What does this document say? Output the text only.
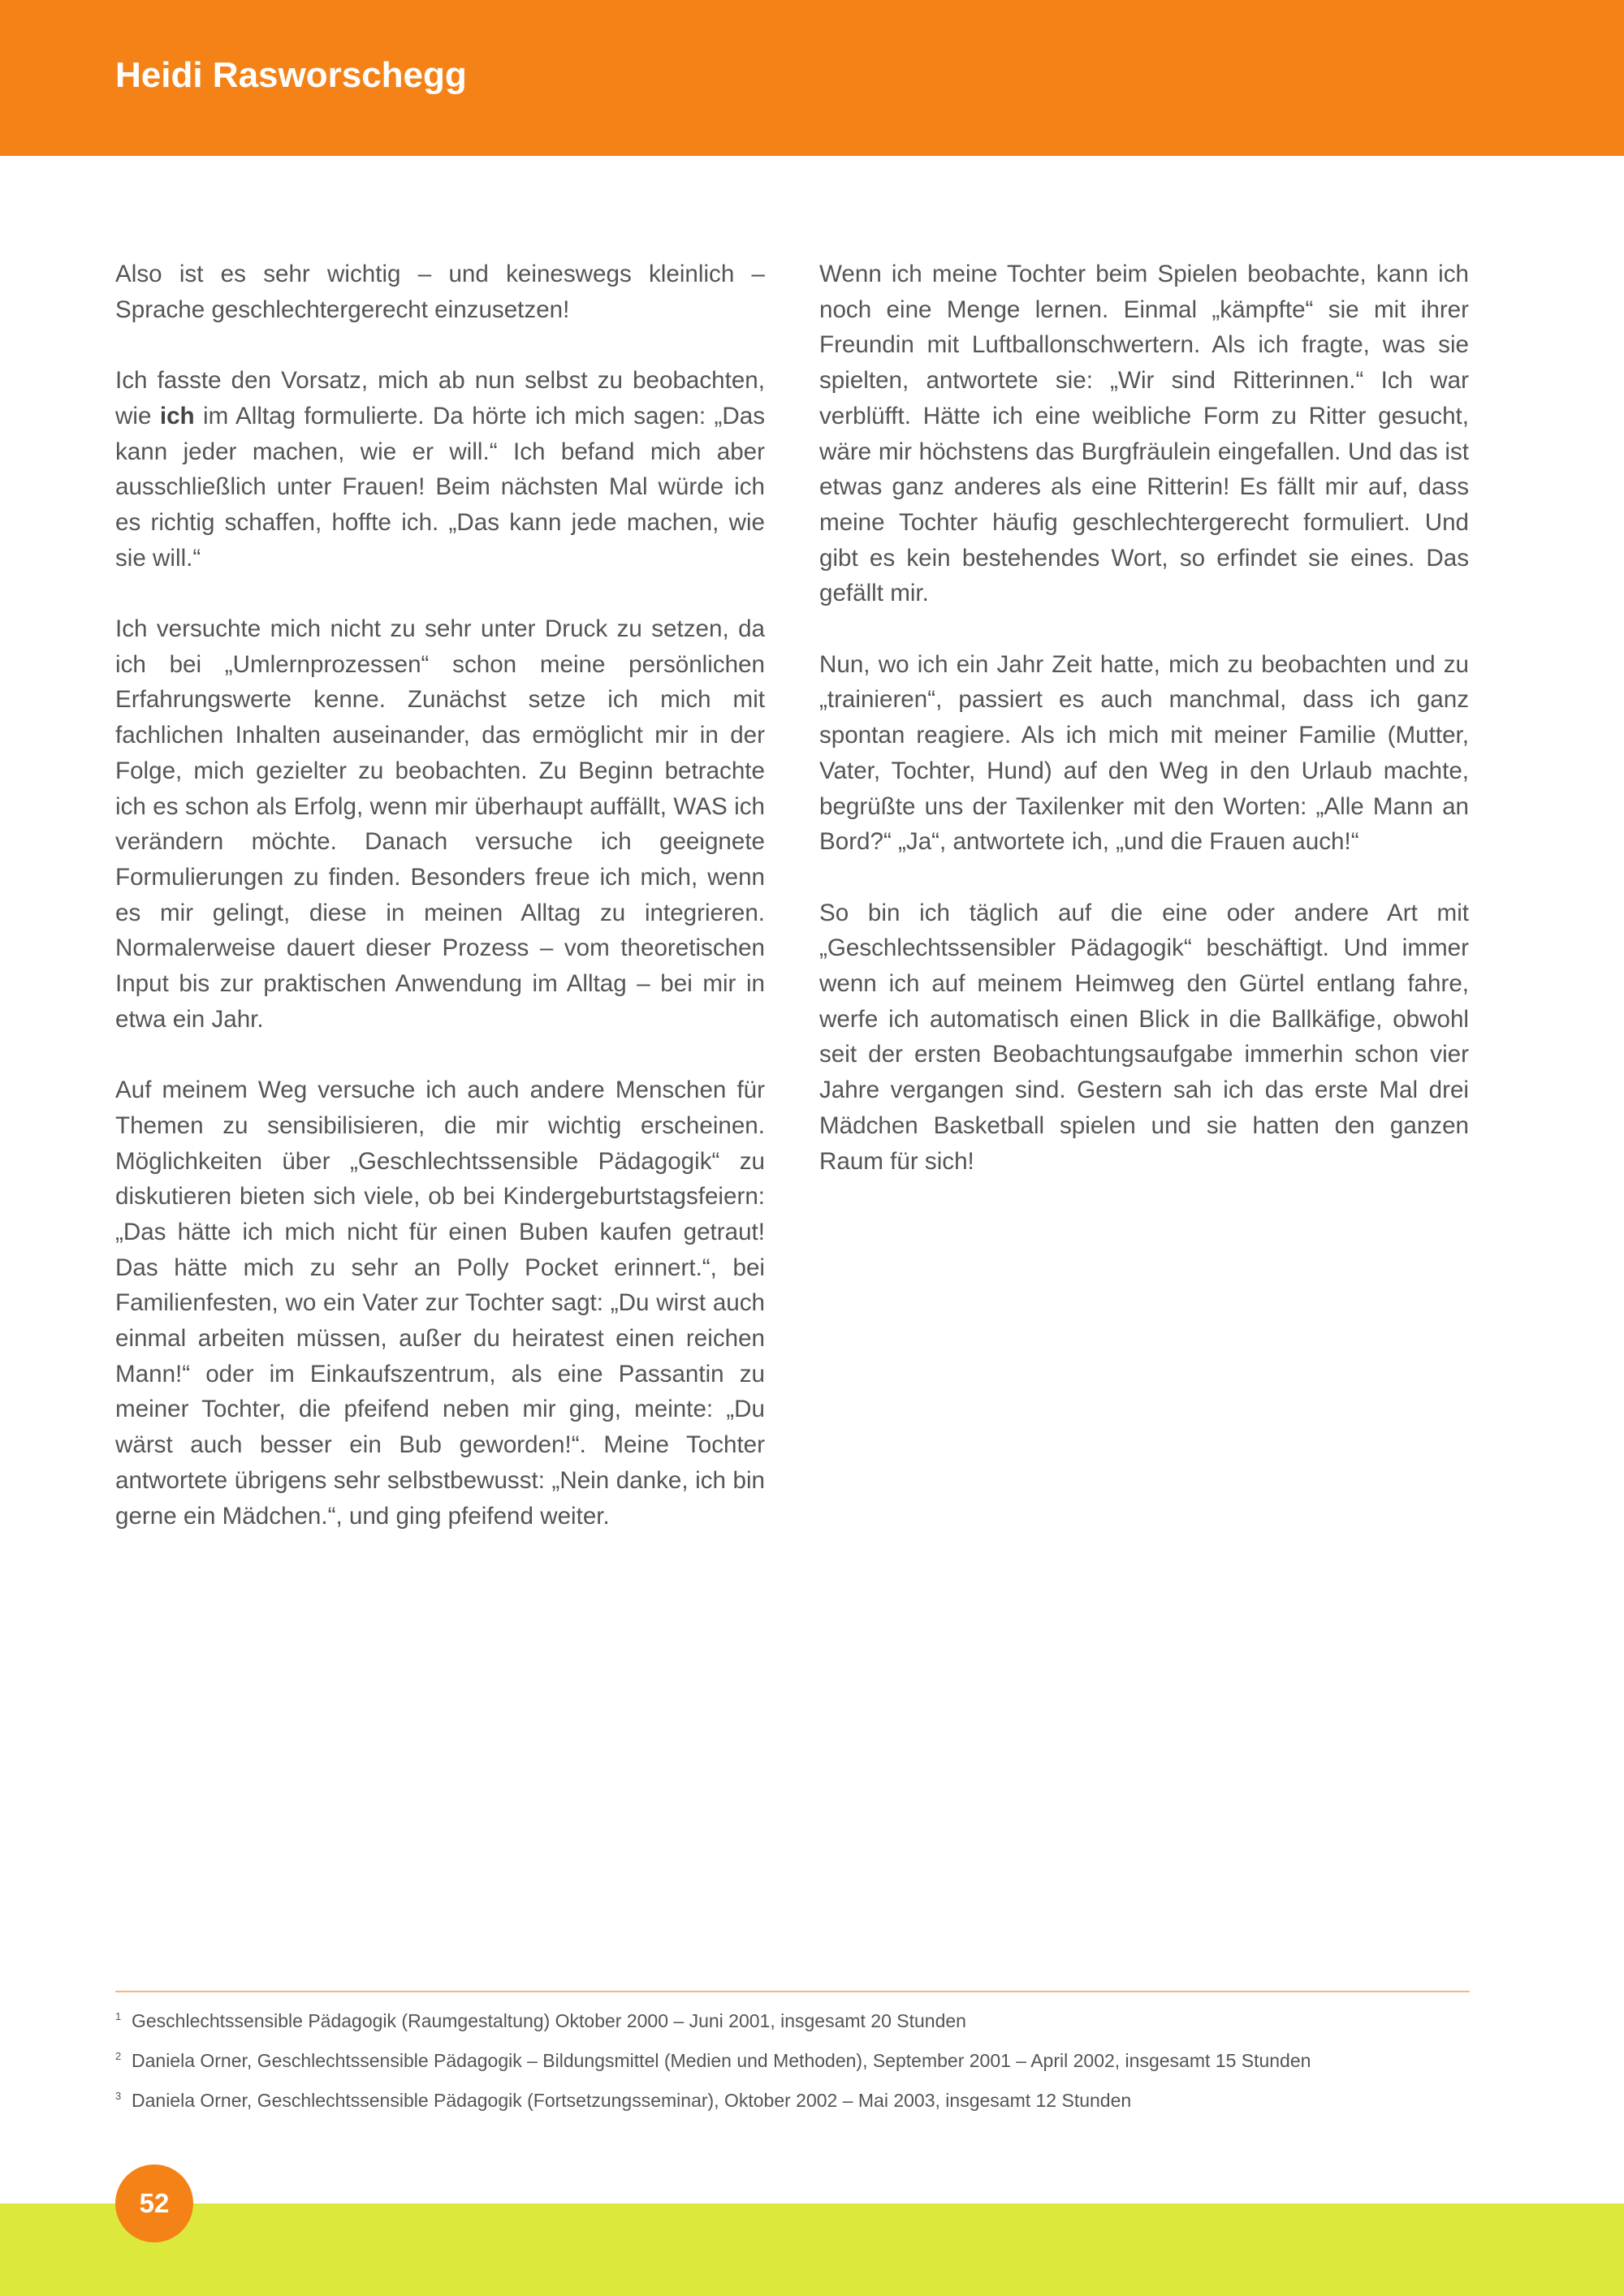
Heidi Rasworschegg

Also ist es sehr wichtig – und keineswegs kleinlich – Sprache geschlechtergerecht einzusetzen!

Ich fasste den Vorsatz, mich ab nun selbst zu beobachten, wie ich im Alltag formulierte. Da hörte ich mich sagen: „Das kann jeder machen, wie er will.“ Ich befand mich aber ausschließlich unter Frauen! Beim nächsten Mal würde ich es richtig schaffen, hoffte ich. „Das kann jede machen, wie sie will.“

Ich versuchte mich nicht zu sehr unter Druck zu setzen, da ich bei „Umlernprozessen“ schon meine persönlichen Erfahrungswerte kenne. Zunächst setze ich mich mit fachlichen Inhalten auseinander, das ermöglicht mir in der Folge, mich gezielter zu beobachten. Zu Beginn betrachte ich es schon als Erfolg, wenn mir überhaupt auffällt, WAS ich verändern möchte. Danach versuche ich geeignete Formulierungen zu finden. Besonders freue ich mich, wenn es mir gelingt, diese in meinen Alltag zu integrieren. Normalerweise dauert dieser Prozess – vom theoretischen Input bis zur praktischen Anwendung im Alltag – bei mir in etwa ein Jahr.

Auf meinem Weg versuche ich auch andere Menschen für Themen zu sensibilisieren, die mir wichtig erscheinen. Möglichkeiten über „Geschlechtssensible Pädagogik“ zu diskutieren bieten sich viele, ob bei Kindergeburtstagsfeiern: „Das hätte ich mich nicht für einen Buben kaufen getraut! Das hätte mich zu sehr an Polly Pocket erinnert.“, bei Familienfesten, wo ein Vater zur Tochter sagt: „Du wirst auch einmal arbeiten müssen, außer du heiratest einen reichen Mann!“ oder im Einkaufszentrum, als eine Passantin zu meiner Tochter, die pfeifend neben mir ging, meinte: „Du wärst auch besser ein Bub geworden!“. Meine Tochter antwortete übrigens sehr selbstbewusst: „Nein danke, ich bin gerne ein Mädchen.“, und ging pfeifend weiter.

Wenn ich meine Tochter beim Spielen beobachte, kann ich noch eine Menge lernen. Einmal „kämpfte“ sie mit ihrer Freundin mit Luftballonschwertern. Als ich fragte, was sie spielten, antwortete sie: „Wir sind Ritterinnen.“ Ich war verblüfft. Hätte ich eine weibliche Form zu Ritter gesucht, wäre mir höchstens das Burgfräulein eingefallen. Und das ist etwas ganz anderes als eine Ritterin! Es fällt mir auf, dass meine Tochter häufig geschlechtergerecht formuliert. Und gibt es kein bestehendes Wort, so erfindet sie eines. Das gefällt mir.

Nun, wo ich ein Jahr Zeit hatte, mich zu beobachten und zu „trainieren“, passiert es auch manchmal, dass ich ganz spontan reagiere. Als ich mich mit meiner Familie (Mutter, Vater, Tochter, Hund) auf den Weg in den Urlaub machte, begrüßte uns der Taxilenker mit den Worten: „Alle Mann an Bord?“ „Ja“, antwortete ich, „und die Frauen auch!“

So bin ich täglich auf die eine oder andere Art mit „Geschlechtssensibler Pädagogik“ beschäftigt. Und immer wenn ich auf meinem Heimweg den Gürtel entlang fahre, werfe ich automatisch einen Blick in die Ballkäfige, obwohl seit der ersten Beobachtungsaufgabe immerhin schon vier Jahre vergangen sind. Gestern sah ich das erste Mal drei Mädchen Basketball spielen und sie hatten den ganzen Raum für sich!

1 Geschlechtssensible Pädagogik (Raumgestaltung) Oktober 2000 – Juni 2001, insgesamt 20 Stunden
2 Daniela Orner, Geschlechtssensible Pädagogik – Bildungsmittel (Medien und Methoden), September 2001 – April 2002, insgesamt 15 Stunden
3 Daniela Orner, Geschlechtssensible Pädagogik (Fortsetzungsseminar), Oktober 2002 – Mai 2003, insgesamt 12 Stunden
52
